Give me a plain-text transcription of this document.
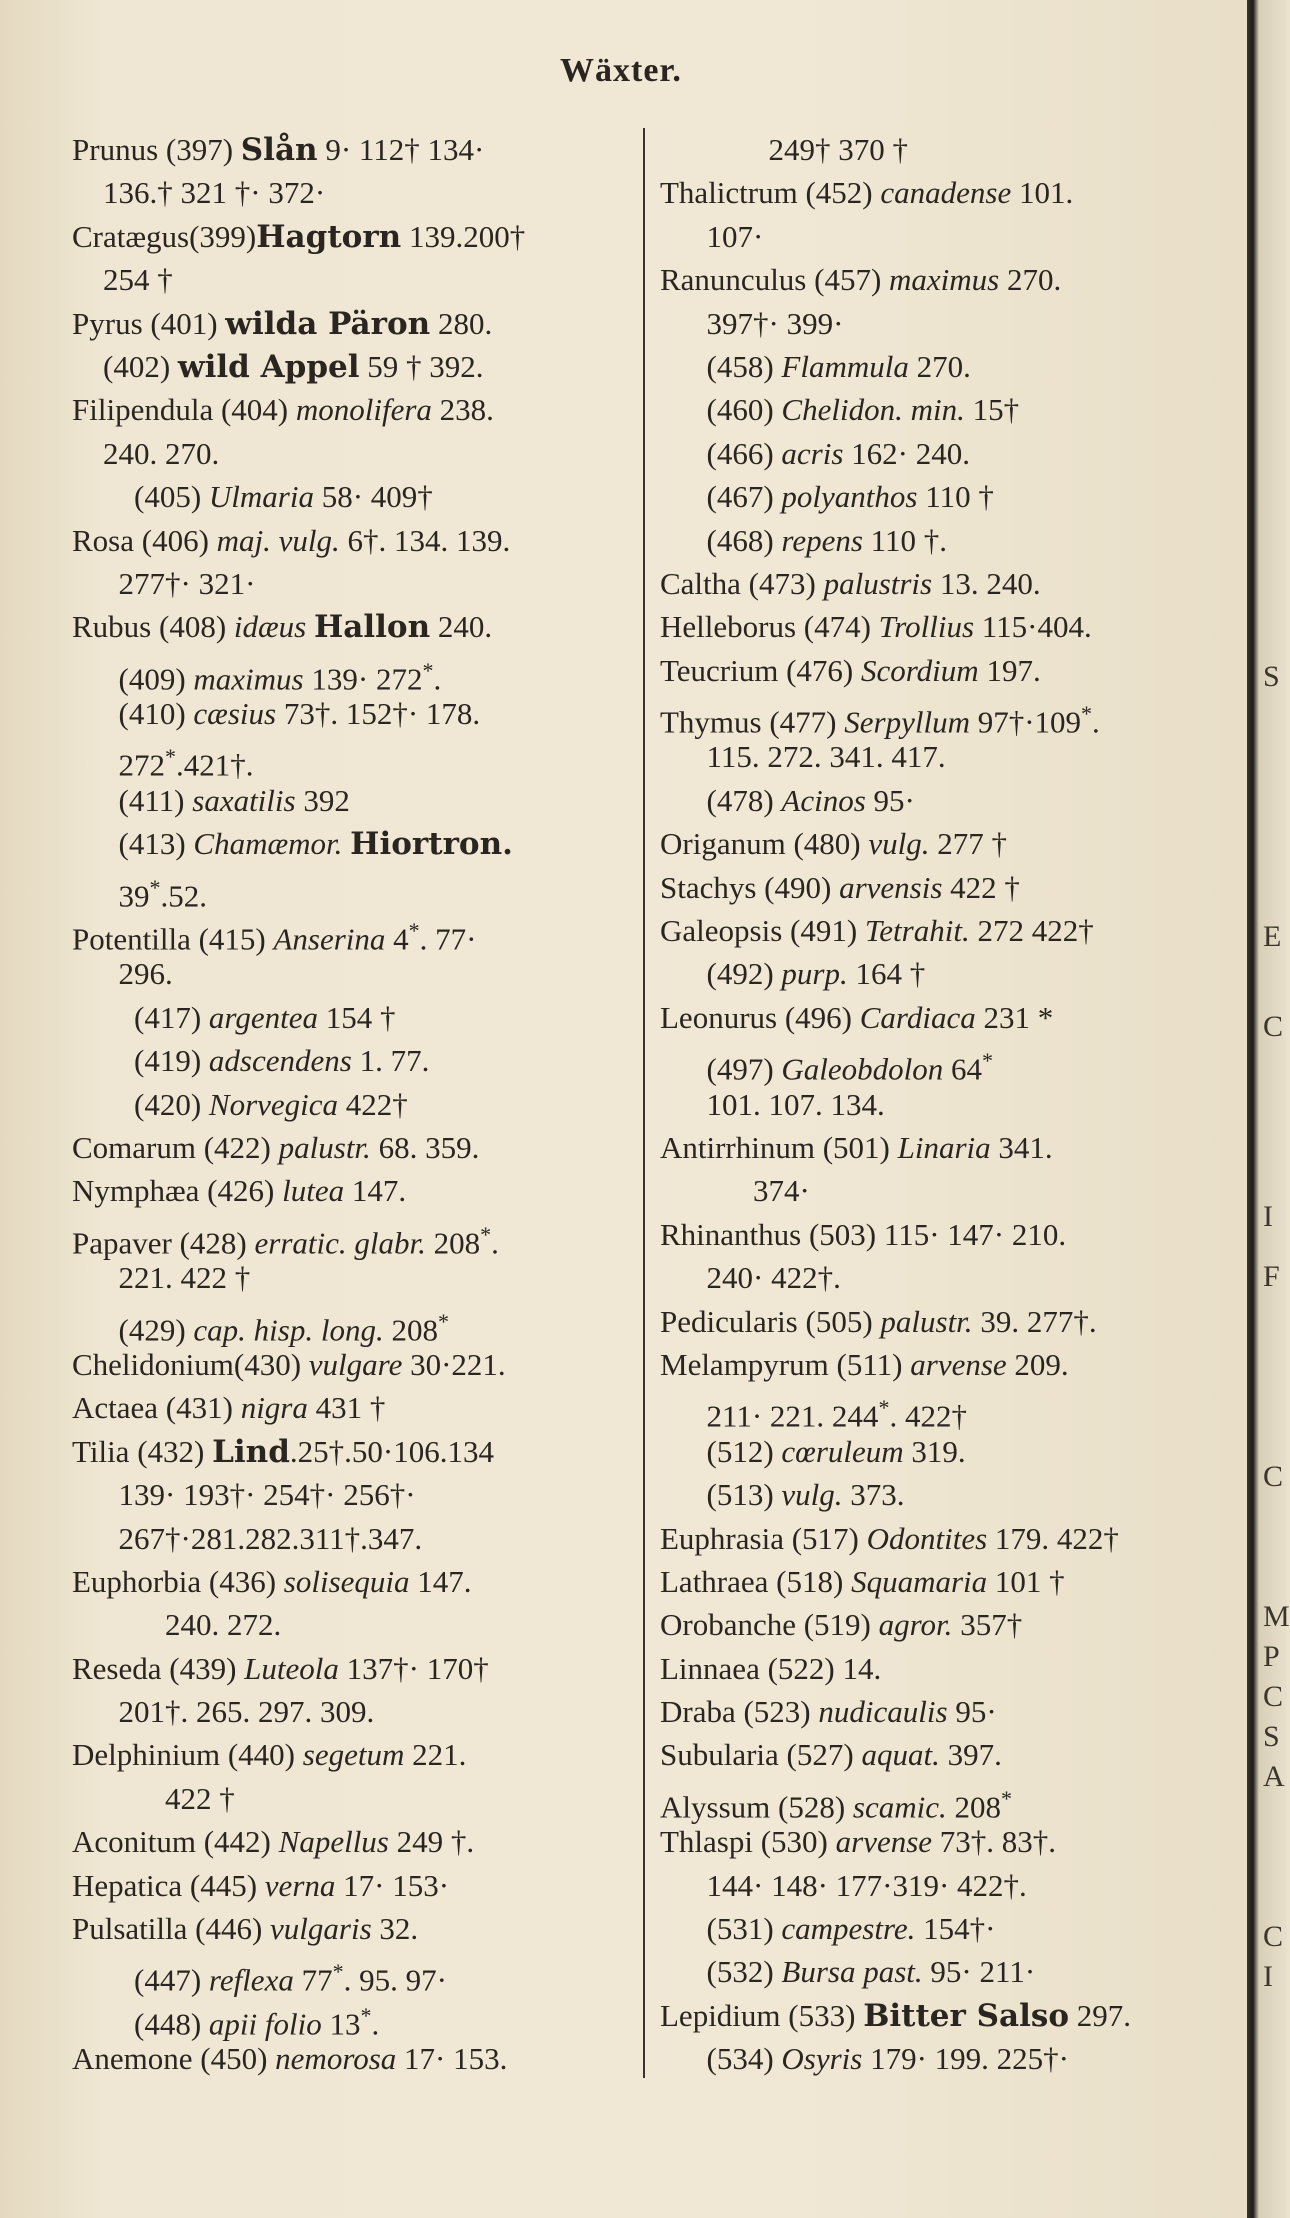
Wäxter.
Prunus (397) Slån 9· 112† 134·
136.† 321 †· 372·
Cratægus(399)Hagtorn 139.200†
254 †
Pyrus (401) wilda Päron 280.
(402) wild Appel 59 † 392.
Filipendula (404) monolifera 238.
240. 270.
(405) Ulmaria 58· 409†
Rosa (406) maj. vulg. 6†. 134. 139.
277†· 321·
Rubus (408) idæus Hallon 240.
(409) maximus 139· 272*.
(410) cæsius 73†. 152†· 178.
272*.421†.
(411) saxatilis 392
(413) Chamæmor. Hiortron.
39*.52.
Potentilla (415) Anserina 4*. 77·
296.
(417) argentea 154 †
(419) adscendens 1. 77.
(420) Norvegica 422†
Comarum (422) palustr. 68. 359.
Nymphæa (426) lutea 147.
Papaver (428) erratic. glabr. 208*.
221. 422 †
(429) cap. hisp. long. 208*
Chelidonium(430) vulgare 30·221.
Actaea (431) nigra 431 †
Tilia (432) Lind.25†.50·106.134
139· 193†· 254†· 256†·
267†·281.282.311†.347.
Euphorbia (436) solisequia 147.
240. 272.
Reseda (439) Luteola 137†· 170†
201†. 265. 297. 309.
Delphinium (440) segetum 221.
422 †
Aconitum (442) Napellus 249 †.
Hepatica (445) verna 17· 153·
Pulsatilla (446) vulgaris 32.
(447) reflexa 77*. 95. 97·
(448) apii folio 13*.
Anemone (450) nemorosa 17· 153.
249† 370 †
Thalictrum (452) canadense 101.
107·
Ranunculus (457) maximus 270.
397†· 399·
(458) Flammula 270.
(460) Chelidon. min. 15†
(466) acris 162· 240.
(467) polyanthos 110 †
(468) repens 110 †.
Caltha (473) palustris 13. 240.
Helleborus (474) Trollius 115·404.
Teucrium (476) Scordium 197.
Thymus (477) Serpyllum 97†·109*.
115. 272. 341. 417.
(478) Acinos 95·
Origanum (480) vulg. 277 †
Stachys (490) arvensis 422 †
Galeopsis (491) Tetrahit. 272 422†
(492) purp. 164 †
Leonurus (496) Cardiaca 231 *
(497) Galeobdolon 64*
101. 107. 134.
Antirrhinum (501) Linaria 341.
374·
Rhinanthus (503) 115· 147· 210.
240· 422†.
Pedicularis (505) palustr. 39. 277†.
Melampyrum (511) arvense 209.
211· 221. 244*. 422†
(512) cœruleum 319.
(513) vulg. 373.
Euphrasia (517) Odontites 179. 422†
Lathraea (518) Squamaria 101 †
Orobanche (519) agror. 357†
Linnaea (522) 14.
Draba (523) nudicaulis 95·
Subularia (527) aquat. 397.
Alyssum (528) scamic. 208*
Thlaspi (530) arvense 73†. 83†.
144· 148· 177·319· 422†.
(531) campestre. 154†·
(532) Bursa past. 95· 211·
Lepidium (533) Bitter Salso 297.
(534) Osyris 179· 199. 225†·
S
E
C
I
F
C
M
P
C
S
A
C
I
